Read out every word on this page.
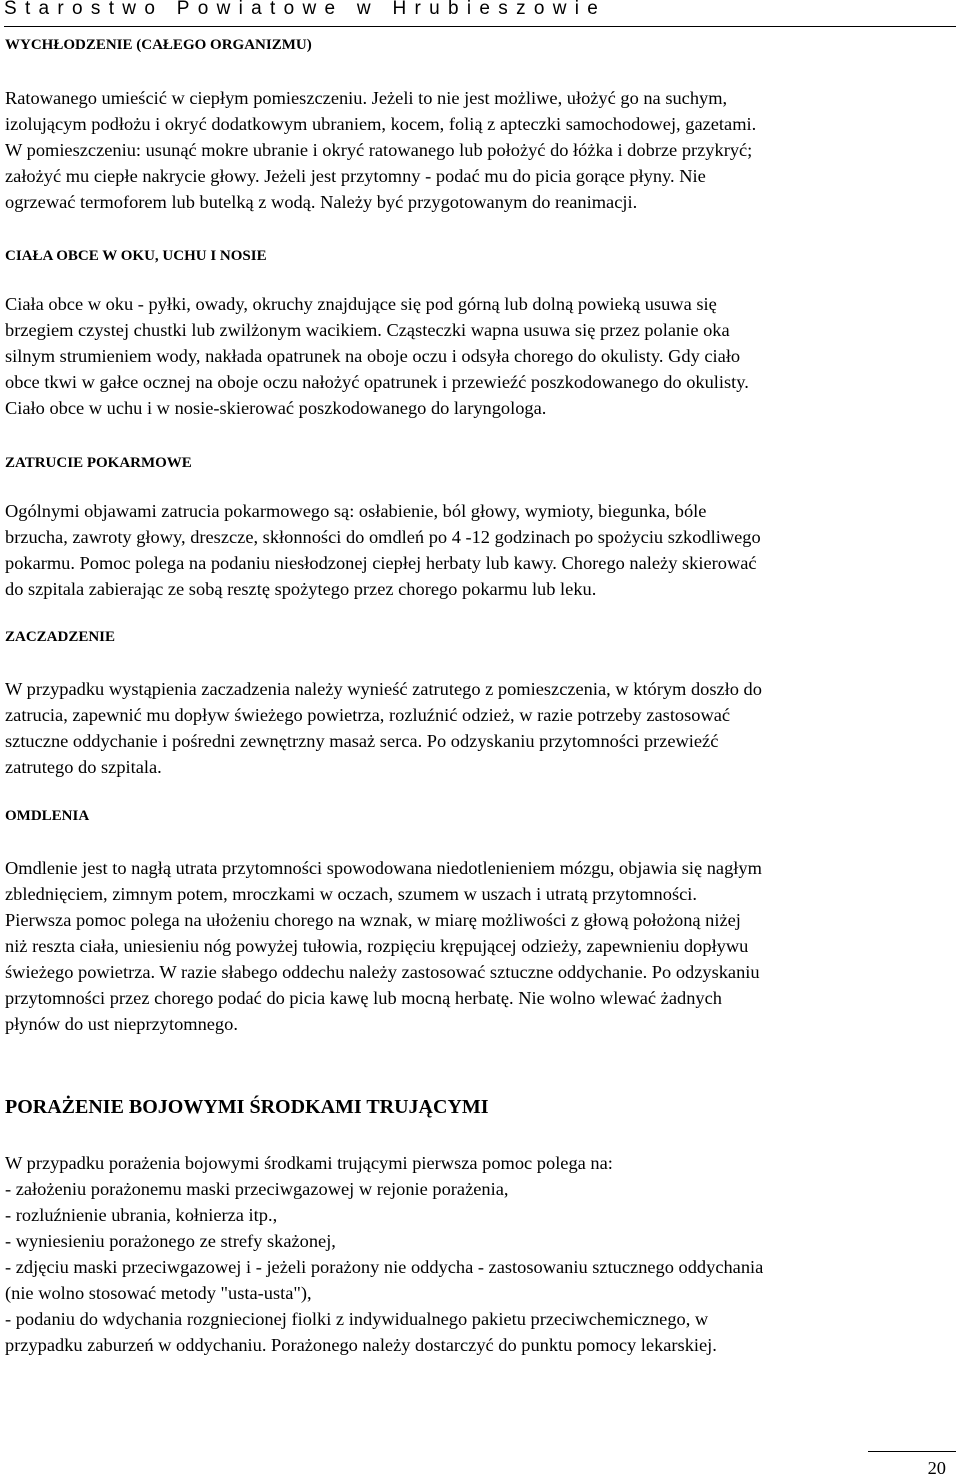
Starostwo Powiatowe w Hrubieszowie
WYCHŁODZENIE (CAŁEGO ORGANIZMU)
Ratowanego umieścić w ciepłym pomieszczeniu. Jeżeli to nie jest możliwe, ułożyć go na suchym,
izolującym podłożu i okryć dodatkowym ubraniem, kocem, folią z apteczki samochodowej, gazetami.
W pomieszczeniu: usunąć mokre ubranie i okryć ratowanego lub położyć do łóżka i dobrze przykryć;
założyć mu ciepłe nakrycie głowy. Jeżeli jest przytomny - podać mu do picia gorące płyny. Nie
ogrzewać termoforem lub butelką z wodą. Należy być przygotowanym do reanimacji.
CIAŁA OBCE W OKU, UCHU I NOSIE
Ciała obce w oku - pyłki, owady, okruchy znajdujące się pod górną lub dolną powieką usuwa się
brzegiem czystej chustki lub zwilżonym wacikiem. Cząsteczki wapna usuwa się przez polanie oka
silnym strumieniem wody, nakłada opatrunek na oboje oczu i odsyła chorego do okulisty. Gdy ciało
obce tkwi w gałce ocznej na oboje oczu nałożyć opatrunek i przewieźć poszkodowanego do okulisty.
Ciało obce w uchu i w nosie-skierować poszkodowanego do laryngologa.
ZATRUCIE POKARMOWE
Ogólnymi objawami zatrucia pokarmowego są: osłabienie, ból głowy, wymioty, biegunka, bóle
brzucha, zawroty głowy, dreszcze, skłonności do omdleń po 4 -12 godzinach po spożyciu szkodliwego
pokarmu. Pomoc polega na podaniu niesłodzonej ciepłej herbaty lub kawy. Chorego należy skierować
do szpitala zabierając ze sobą resztę spożytego przez chorego pokarmu lub leku.
ZACZADZENIE
W przypadku wystąpienia zaczadzenia należy wynieść zatrutego z pomieszczenia, w którym doszło do
zatrucia, zapewnić mu dopływ świeżego powietrza, rozluźnić odzież, w razie potrzeby zastosować
sztuczne oddychanie i pośredni zewnętrzny masaż serca. Po odzyskaniu przytomności przewieźć
zatrutego do szpitala.
OMDLENIA
Omdlenie jest to nagłą utrata przytomności spowodowana niedotlenieniem mózgu, objawia się nagłym
zblednięciem, zimnym potem, mroczkami w oczach, szumem w uszach i utratą przytomności.
Pierwsza pomoc polega na ułożeniu chorego na wznak, w miarę możliwości z głową położoną niżej
niż reszta ciała, uniesieniu nóg powyżej tułowia, rozpięciu krępującej odzieży, zapewnieniu dopływu
świeżego powietrza. W razie słabego oddechu należy zastosować sztuczne oddychanie. Po odzyskaniu
przytomności przez chorego podać do picia kawę lub mocną herbatę. Nie wolno wlewać żadnych
płynów do ust nieprzytomnego.
PORAŻENIE BOJOWYMI ŚRODKAMI TRUJĄCYMI
W przypadku porażenia bojowymi środkami trującymi pierwsza pomoc polega na:
- założeniu porażonemu maski przeciwgazowej w rejonie porażenia,
- rozluźnienie ubrania, kołnierza itp.,
- wyniesieniu porażonego ze strefy skażonej,
- zdjęciu maski przeciwgazowej i - jeżeli porażony nie oddycha - zastosowaniu sztucznego oddychania
(nie wolno stosować metody "usta-usta"),
- podaniu do wdychania rozgniecionej fiolki z indywidualnego pakietu przeciwchemicznego, w
przypadku zaburzeń w oddychaniu. Porażonego należy dostarczyć do punktu pomocy lekarskiej.
20
